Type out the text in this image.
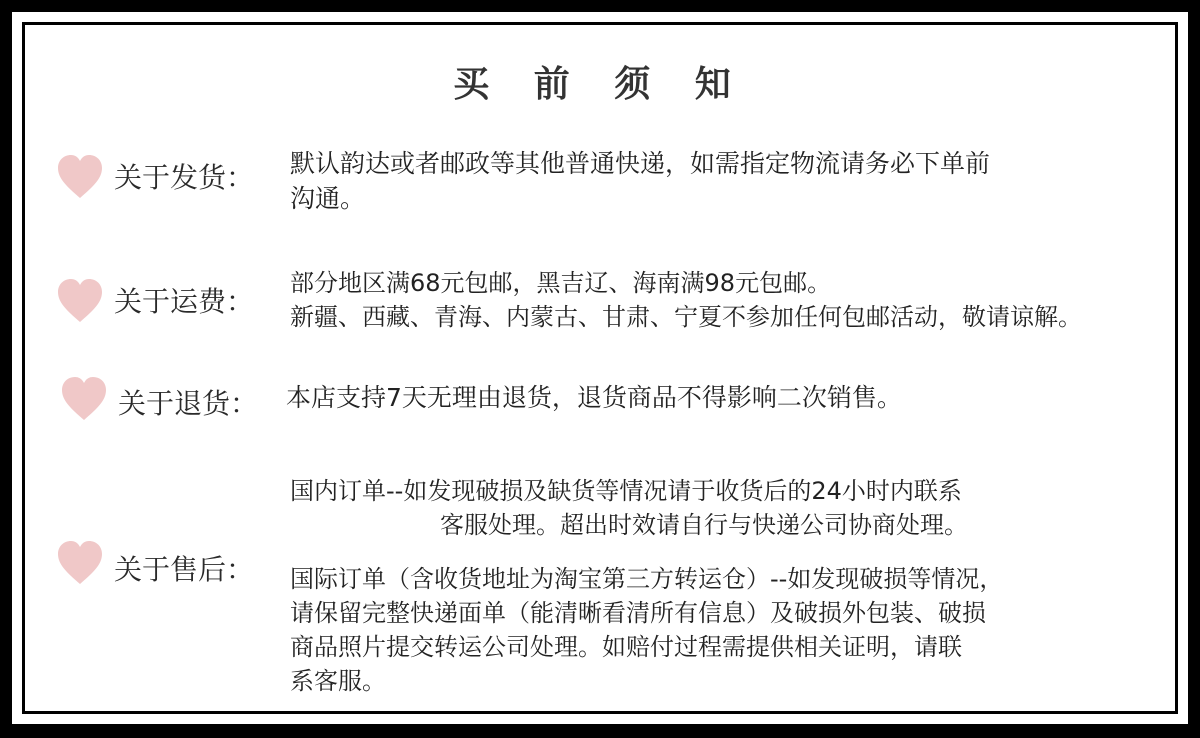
买 前 须 知
关于发货： 默认韵达或者邮政等其他普通快递，如需指定物流请务必下单前
沟通。
关于运费：
部分地区满68元包邮，黑吉辽、海南满98元包邮。
新疆、西藏、青海、内蒙古、甘肃、宁夏不参加任何包邮活动，敬请谅解。
关于退货： 本店支持7天无理由退货，退货商品不得影响二次销售。
关于售后：
国内订单--如发现破损及缺货等情况请于收货后的24小时内联系
客服处理。超出时效请自行与快递公司协商处理。
国际订单（含收货地址为淘宝第三方转运仓）--如发现破损等情况，
请保留完整快递面单（能清晰看清所有信息）及破损外包装、破损
商品照片提交转运公司处理。如赔付过程需提供相关证明，请联
系客服。
